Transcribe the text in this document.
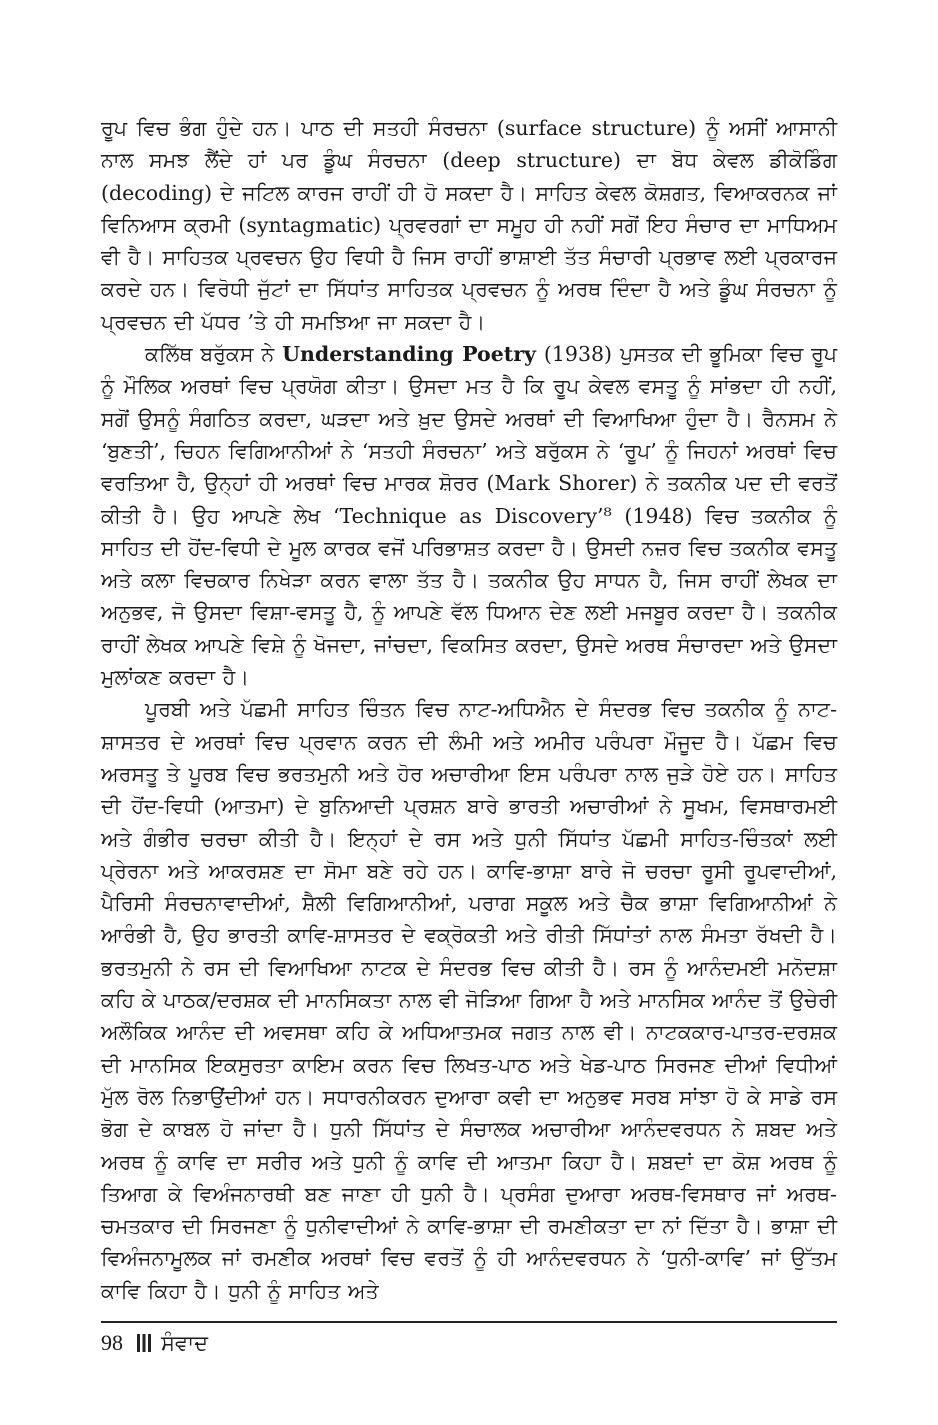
ਰੂਪ ਵਿਚ ਭੰਗ ਹੁੰਦੇ ਹਨ। ਪਾਠ ਦੀ ਸਤਹੀ ਸੰਰਚਨਾ (surface structure) ਨੂੰ ਅਸੀਂ ਆਸਾਨੀ ਨਾਲ ਸਮਝ ਲੈਂਦੇ ਹਾਂ ਪਰ ਡੂੰਘ ਸੰਰਚਨਾ (deep structure) ਦਾ ਬੋਧ ਕੇਵਲ ਡੀਕੋਡਿੰਗ (decoding) ਦੇ ਜਟਿਲ ਕਾਰਜ ਰਾਹੀਂ ਹੀ ਹੋ ਸਕਦਾ ਹੈ। ਸਾਹਿਤ ਕੇਵਲ ਕੋਸ਼ਗਤ, ਵਿਆਕਰਨਕ ਜਾਂ ਵਿਨਿਆਸ ਕ੍ਰਮੀ (syntagmatic) ਪ੍ਰਵਰਗਾਂ ਦਾ ਸਮੂਹ ਹੀ ਨਹੀਂ ਸਗੋਂ ਇਹ ਸੰਚਾਰ ਦਾ ਮਾਧਿਅਮ ਵੀ ਹੈ। ਸਾਹਿਤਕ ਪ੍ਰਵਚਨ ਉਹ ਵਿਧੀ ਹੈ ਜਿਸ ਰਾਹੀਂ ਭਾਸ਼ਾਈ ਤੱਤ ਸੰਚਾਰੀ ਪ੍ਰਭਾਵ ਲਈ ਪ੍ਰਕਾਰਜ ਕਰਦੇ ਹਨ। ਵਿਰੋਧੀ ਜੁੱਟਾਂ ਦਾ ਸਿੱਧਾਂਤ ਸਾਹਿਤਕ ਪ੍ਰਵਚਨ ਨੂੰ ਅਰਥ ਦਿੰਦਾ ਹੈ ਅਤੇ ਡੂੰਘ ਸੰਰਚਨਾ ਨੂੰ ਪ੍ਰਵਚਨ ਦੀ ਪੱਧਰ ’ਤੇ ਹੀ ਸਮਝਿਆ ਜਾ ਸਕਦਾ ਹੈ।

ਕਲਿੱਥ ਬਰੁੱਕਸ ਨੇ Understanding Poetry (1938) ਪੁਸਤਕ ਦੀ ਭੂਮਿਕਾ ਵਿਚ ਰੂਪ ਨੂੰ ਮੌਲਿਕ ਅਰਥਾਂ ਵਿਚ ਪ੍ਰਯੋਗ ਕੀਤਾ। ਉਸਦਾ ਮਤ ਹੈ ਕਿ ਰੂਪ ਕੇਵਲ ਵਸਤੂ ਨੂੰ ਸਾਂਭਦਾ ਹੀ ਨਹੀਂ, ਸਗੋਂ ਉਸਨੂੰ ਸੰਗਠਿਤ ਕਰਦਾ, ਘੜਦਾ ਅਤੇ ਖ਼ੁਦ ਉਸਦੇ ਅਰਥਾਂ ਦੀ ਵਿਆਖਿਆ ਹੁੰਦਾ ਹੈ। ਰੈਨਸਮ ਨੇ ‘ਬੁਣਤੀ’, ਚਿਹਨ ਵਿਗਿਆਨੀਆਂ ਨੇ ‘ਸਤਹੀ ਸੰਰਚਨਾ’ ਅਤੇ ਬਰੁੱਕਸ ਨੇ ‘ਰੂਪ’ ਨੂੰ ਜਿਹਨਾਂ ਅਰਥਾਂ ਵਿਚ ਵਰਤਿਆ ਹੈ, ਉਨ੍ਹਾਂ ਹੀ ਅਰਥਾਂ ਵਿਚ ਮਾਰਕ ਸ਼ੋਰਰ (Mark Shorer) ਨੇ ਤਕਨੀਕ ਪਦ ਦੀ ਵਰਤੋਂ ਕੀਤੀ ਹੈ। ਉਹ ਆਪਣੇ ਲੇਖ ‘Technique as Discovery’⁸ (1948) ਵਿਚ ਤਕਨੀਕ ਨੂੰ ਸਾਹਿਤ ਦੀ ਹੋਂਦ-ਵਿਧੀ ਦੇ ਮੂਲ ਕਾਰਕ ਵਜੋਂ ਪਰਿਭਾਸ਼ਤ ਕਰਦਾ ਹੈ। ਉਸਦੀ ਨਜ਼ਰ ਵਿਚ ਤਕਨੀਕ ਵਸਤੂ ਅਤੇ ਕਲਾ ਵਿਚਕਾਰ ਨਿਖੇੜਾ ਕਰਨ ਵਾਲਾ ਤੱਤ ਹੈ। ਤਕਨੀਕ ਉਹ ਸਾਧਨ ਹੈ, ਜਿਸ ਰਾਹੀਂ ਲੇਖਕ ਦਾ ਅਨੁਭਵ, ਜੋ ਉਸਦਾ ਵਿਸ਼ਾ-ਵਸਤੂ ਹੈ, ਨੂੰ ਆਪਣੇ ਵੱਲ ਧਿਆਨ ਦੇਣ ਲਈ ਮਜਬੂਰ ਕਰਦਾ ਹੈ। ਤਕਨੀਕ ਰਾਹੀਂ ਲੇਖਕ ਆਪਣੇ ਵਿਸ਼ੇ ਨੂੰ ਖੋਜਦਾ, ਜਾਂਚਦਾ, ਵਿਕਸਿਤ ਕਰਦਾ, ਉਸਦੇ ਅਰਥ ਸੰਚਾਰਦਾ ਅਤੇ ਉਸਦਾ ਮੁਲਾਂਕਣ ਕਰਦਾ ਹੈ।

ਪੂਰਬੀ ਅਤੇ ਪੱਛਮੀ ਸਾਹਿਤ ਚਿੰਤਨ ਵਿਚ ਨਾਟ-ਅਧਿਐਨ ਦੇ ਸੰਦਰਭ ਵਿਚ ਤਕਨੀਕ ਨੂੰ ਨਾਟ-ਸ਼ਾਸਤਰ ਦੇ ਅਰਥਾਂ ਵਿਚ ਪ੍ਰਵਾਨ ਕਰਨ ਦੀ ਲੰਮੀ ਅਤੇ ਅਮੀਰ ਪਰੰਪਰਾ ਮੌਜੂਦ ਹੈ। ਪੱਛਮ ਵਿਚ ਅਰਸਤੂ ਤੇ ਪੂਰਬ ਵਿਚ ਭਰਤਮੁਨੀ ਅਤੇ ਹੋਰ ਅਚਾਰੀਆ ਇਸ ਪਰੰਪਰਾ ਨਾਲ ਜੁੜੇ ਹੋਏ ਹਨ। ਸਾਹਿਤ ਦੀ ਹੋਂਦ-ਵਿਧੀ (ਆਤਮਾ) ਦੇ ਬੁਨਿਆਦੀ ਪ੍ਰਸ਼ਨ ਬਾਰੇ ਭਾਰਤੀ ਅਚਾਰੀਆਂ ਨੇ ਸੂਖਮ, ਵਿਸਥਾਰਮਈ ਅਤੇ ਗੰਭੀਰ ਚਰਚਾ ਕੀਤੀ ਹੈ। ਇਨ੍ਹਾਂ ਦੇ ਰਸ ਅਤੇ ਧੁਨੀ ਸਿੱਧਾਂਤ ਪੱਛਮੀ ਸਾਹਿਤ-ਚਿੰਤਕਾਂ ਲਈ ਪ੍ਰੇਰਨਾ ਅਤੇ ਆਕਰਸ਼ਣ ਦਾ ਸੋਮਾ ਬਣੇ ਰਹੇ ਹਨ। ਕਾਵਿ-ਭਾਸ਼ਾ ਬਾਰੇ ਜੋ ਚਰਚਾ ਰੂਸੀ ਰੂਪਵਾਦੀਆਂ, ਪੈਰਿਸੀ ਸੰਰਚਨਾਵਾਦੀਆਂ, ਸ਼ੈਲੀ ਵਿਗਿਆਨੀਆਂ, ਪਰਾਗ ਸਕੂਲ ਅਤੇ ਚੈਕ ਭਾਸ਼ਾ ਵਿਗਿਆਨੀਆਂ ਨੇ ਆਰੰਭੀ ਹੈ, ਉਹ ਭਾਰਤੀ ਕਾਵਿ-ਸ਼ਾਸਤਰ ਦੇ ਵਕ੍ਰੋਕਤੀ ਅਤੇ ਰੀਤੀ ਸਿੱਧਾਂਤਾਂ ਨਾਲ ਸੰਮਤਾ ਰੱਖਦੀ ਹੈ। ਭਰਤਮੁਨੀ ਨੇ ਰਸ ਦੀ ਵਿਆਖਿਆ ਨਾਟਕ ਦੇ ਸੰਦਰਭ ਵਿਚ ਕੀਤੀ ਹੈ। ਰਸ ਨੂੰ ਆਨੰਦਮਈ ਮਨੋਦਸ਼ਾ ਕਹਿ ਕੇ ਪਾਠਕ/ਦਰਸ਼ਕ ਦੀ ਮਾਨਸਿਕਤਾ ਨਾਲ ਵੀ ਜੋੜਿਆ ਗਿਆ ਹੈ ਅਤੇ ਮਾਨਸਿਕ ਆਨੰਦ ਤੋਂ ਉਚੇਰੀ ਅਲੌਕਿਕ ਆਨੰਦ ਦੀ ਅਵਸਥਾ ਕਹਿ ਕੇ ਅਧਿਆਤਮਕ ਜਗਤ ਨਾਲ ਵੀ। ਨਾਟਕਕਾਰ-ਪਾਤਰ-ਦਰਸ਼ਕ ਦੀ ਮਾਨਸਿਕ ਇਕਸੁਰਤਾ ਕਾਇਮ ਕਰਨ ਵਿਚ ਲਿਖਤ-ਪਾਠ ਅਤੇ ਖੇਡ-ਪਾਠ ਸਿਰਜਣ ਦੀਆਂ ਵਿਧੀਆਂ ਮੁੱਲ ਰੋਲ ਨਿਭਾਉਂਦੀਆਂ ਹਨ। ਸਧਾਰਨੀਕਰਨ ਦੁਆਰਾ ਕਵੀ ਦਾ ਅਨੁਭਵ ਸਰਬ ਸਾਂਝਾ ਹੋ ਕੇ ਸਾਡੇ ਰਸ ਭੋਗ ਦੇ ਕਾਬਲ ਹੋ ਜਾਂਦਾ ਹੈ। ਧੁਨੀ ਸਿੱਧਾਂਤ ਦੇ ਸੰਚਾਲਕ ਅਚਾਰੀਆ ਆਨੰਦਵਰਧਨ ਨੇ ਸ਼ਬਦ ਅਤੇ ਅਰਥ ਨੂੰ ਕਾਵਿ ਦਾ ਸਰੀਰ ਅਤੇ ਧੁਨੀ ਨੂੰ ਕਾਵਿ ਦੀ ਆਤਮਾ ਕਿਹਾ ਹੈ। ਸ਼ਬਦਾਂ ਦਾ ਕੋਸ਼ ਅਰਥ ਨੂੰ ਤਿਆਗ ਕੇ ਵਿਅੰਜਨਾਰਥੀ ਬਣ ਜਾਣਾ ਹੀ ਧੁਨੀ ਹੈ। ਪ੍ਰਸੰਗ ਦੁਆਰਾ ਅਰਥ-ਵਿਸਥਾਰ ਜਾਂ ਅਰਥ-ਚਮਤਕਾਰ ਦੀ ਸਿਰਜਣਾ ਨੂੰ ਧੁਨੀਵਾਦੀਆਂ ਨੇ ਕਾਵਿ-ਭਾਸ਼ਾ ਦੀ ਰਮਣੀਕਤਾ ਦਾ ਨਾਂ ਦਿੱਤਾ ਹੈ। ਭਾਸ਼ਾ ਦੀ ਵਿਅੰਜਨਾਮੂਲਕ ਜਾਂ ਰਮਣੀਕ ਅਰਥਾਂ ਵਿਚ ਵਰਤੋਂ ਨੂੰ ਹੀ ਆਨੰਦਵਰਧਨ ਨੇ ‘ਧੁਨੀ-ਕਾਵਿ’ ਜਾਂ ਉੱਤਮ ਕਾਵਿ ਕਿਹਾ ਹੈ। ਧੁਨੀ ਨੂੰ ਸਾਹਿਤ ਅਤੇ

98 ਸੰਵਾਦ
